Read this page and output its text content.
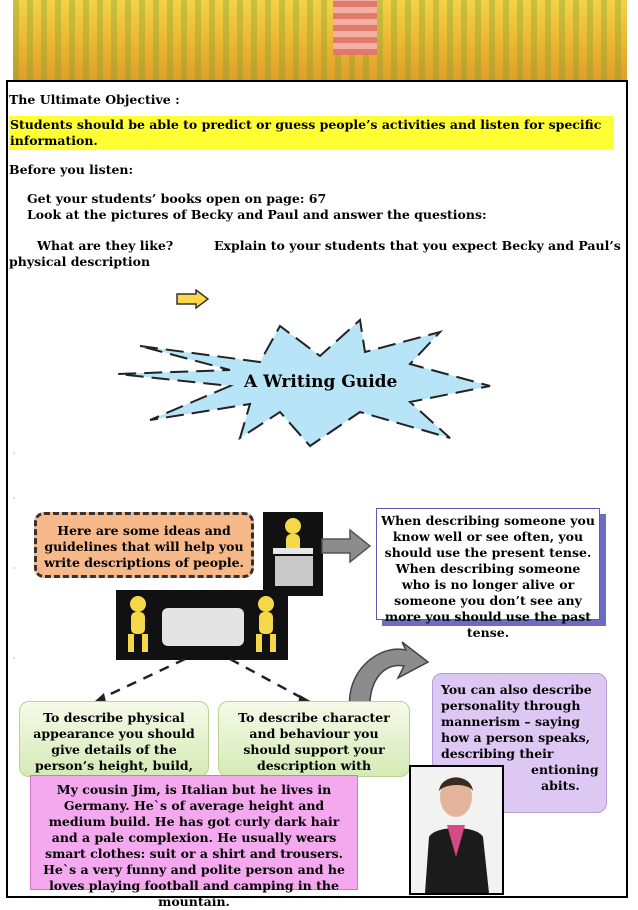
The Ultimate Objective :
Students should be able to predict or guess people’s activities and listen for specific information.
Before you listen:
Get your students’ books open on page: 67
Look at the pictures of Becky and Paul and answer the questions:
What are they like?	Explain to your students that you expect Becky and Paul’s
physical description
A Writing Guide
Here are some ideas and guidelines that will help you write descriptions of people.
When describing someone you know well or see often, you should use the present tense. When describing someone who is no longer alive or someone you don’t see any more you should use the past tense.
To describe physical appearance you should give details of the person’s height, build,
To describe character and behaviour you should support your description with
You can also describe personality through mannerism – saying how a person speaks, describing their
entioning
abits.
My cousin Jim, is Italian but he lives in Germany. He`s of average height and medium build. He has got curly dark hair and a pale complexion. He usually wears smart clothes: suit or a shirt and trousers. He`s a very funny and polite person and he loves playing football and camping in the mountain.
